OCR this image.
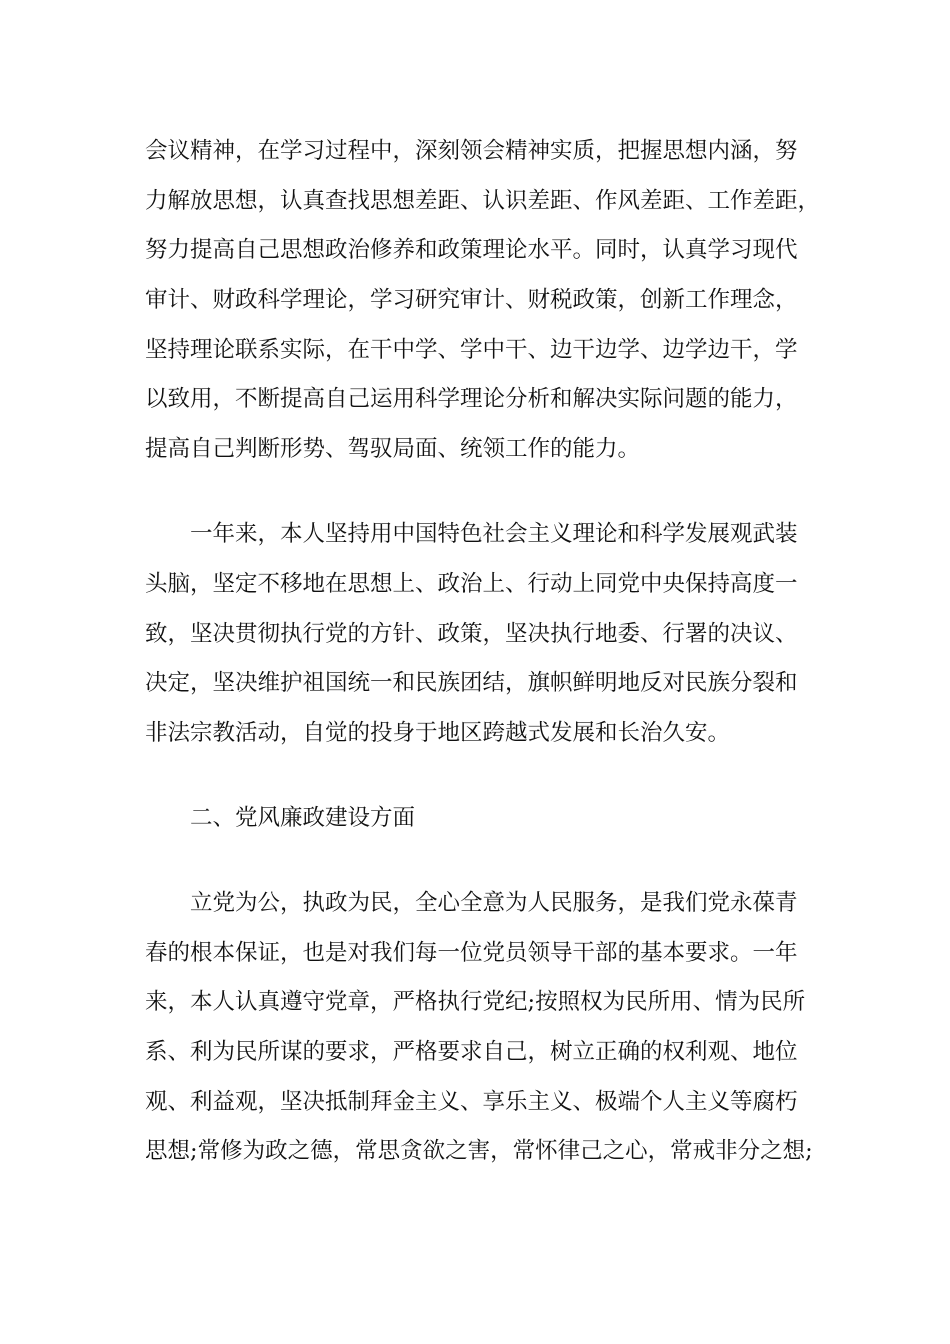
会议精神，在学习过程中，深刻领会精神实质，把握思想内涵，努
力解放思想，认真查找思想差距、认识差距、作风差距、工作差距，
努力提高自己思想政治修养和政策理论水平。同时，认真学习现代
审计、财政科学理论，学习研究审计、财税政策，创新工作理念，
坚持理论联系实际，在干中学、学中干、边干边学、边学边干，学
以致用，不断提高自己运用科学理论分析和解决实际问题的能力，
提高自己判断形势、驾驭局面、统领工作的能力。
一年来，本人坚持用中国特色社会主义理论和科学发展观武装
头脑，坚定不移地在思想上、政治上、行动上同党中央保持高度一
致，坚决贯彻执行党的方针、政策，坚决执行地委、行署的决议、
决定，坚决维护祖国统一和民族团结，旗帜鲜明地反对民族分裂和
非法宗教活动，自觉的投身于地区跨越式发展和长治久安。
二、党风廉政建设方面
立党为公，执政为民，全心全意为人民服务，是我们党永葆青
春的根本保证，也是对我们每一位党员领导干部的基本要求。一年
来，本人认真遵守党章，严格执行党纪;按照权为民所用、情为民所
系、利为民所谋的要求，严格要求自己，树立正确的权利观、地位
观、利益观，坚决抵制拜金主义、享乐主义、极端个人主义等腐朽
思想;常修为政之德，常思贪欲之害，常怀律己之心，常戒非分之想;
